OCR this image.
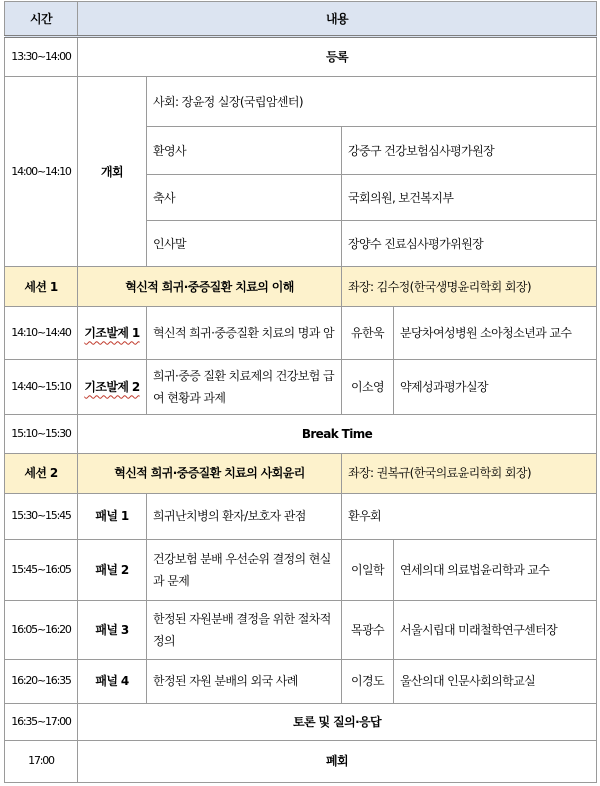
시간	내용			
13:30~14:00	등록			
14:00~14:10	개회	사회: 장윤정 실장(국립암센터)		
		환영사	강중구 건강보험심사평가원장	
		축사	국회의원, 보건복지부	
		인사말	장양수 진료심사평가위원장	
세션 1	혁신적 희귀·중증질환 치료의 이해		좌장: 김수정(한국생명윤리학회 회장)	
14:10~14:40	기조발제 1	혁신적 희귀·중증질환 치료의 명과 암	유한욱	분당차여성병원 소아청소년과 교수
14:40~15:10	기조발제 2	희귀·중증 질환 치료제의 건강보험 급여 현황과 과제	이소영	약제성과평가실장
15:10~15:30	Break Time			
세션 2	혁신적 희귀·중증질환 치료의 사회윤리		좌장: 권복규(한국의료윤리학회 회장)	
15:30~15:45	패널 1	희귀난치병의 환자/보호자 관점	환우회	
15:45~16:05	패널 2	건강보험 분배 우선순위 결정의 현실과 문제	이일학	연세의대 의료법윤리학과 교수
16:05~16:20	패널 3	한정된 자원분배 결정을 위한 절차적 정의	목광수	서울시립대 미래철학연구센터장
16:20~16:35	패널 4	한정된 자원 분배의 외국 사례	이경도	울산의대 인문사회의학교실
16:35~17:00	토론 및 질의·응답			
17:00	폐회			
